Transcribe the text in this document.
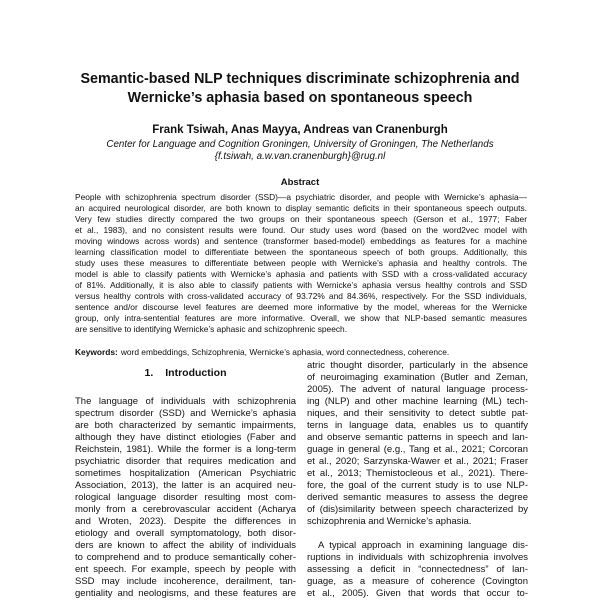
Semantic-based NLP techniques discriminate schizophrenia and
Wernicke’s aphasia based on spontaneous speech
Frank Tsiwah, Anas Mayya, Andreas van Cranenburgh
Center for Language and Cognition Groningen, University of Groningen, The Netherlands
{f.tsiwah, a.w.van.cranenburgh}@rug.nl
Abstract
People with schizophrenia spectrum disorder (SSD)—a psychiatric disorder, and people with Wernicke’s aphasia—
an acquired neurological disorder, are both known to display semantic deficits in their spontaneous speech outputs.
Very few studies directly compared the two groups on their spontaneous speech (Gerson et al., 1977; Faber
et al., 1983), and no consistent results were found. Our study uses word (based on the word2vec model with
moving windows across words) and sentence (transformer based-model) embeddings as features for a machine
learning classification model to differentiate between the spontaneous speech of both groups. Additionally, this
study uses these measures to differentiate between people with Wernicke’s aphasia and healthy controls. The
model is able to classify patients with Wernicke’s aphasia and patients with SSD with a cross-validated accuracy
of 81%. Additionally, it is also able to classify patients with Wernicke’s aphasia versus healthy controls and SSD
versus healthy controls with cross-validated accuracy of 93.72% and 84.36%, respectively. For the SSD individuals,
sentence and/or discourse level features are deemed more informative by the model, whereas for the Wernicke
group, only intra-sentential features are more informative. Overall, we show that NLP-based semantic measures
are sensitive to identifying Wernicke’s aphasic and schizophrenic speech.
Keywords: word embeddings, Schizophrenia, Wernicke’s aphasia, word connectedness, coherence.
1. Introduction
The language of individuals with schizophrenia
spectrum disorder (SSD) and Wernicke’s aphasia
are both characterized by semantic impairments,
although they have distinct etiologies (Faber and
Reichstein, 1981). While the former is a long-term
psychiatric disorder that requires medication and
sometimes hospitalization (American Psychiatric
Association, 2013), the latter is an acquired neu-
rological language disorder resulting most com-
monly from a cerebrovascular accident (Acharya
and Wroten, 2023). Despite the differences in
etiology and overall symptomatology, both disor-
ders are known to affect the ability of individuals
to comprehend and to produce semantically coher-
ent speech. For example, speech by people with
SSD may include incoherence, derailment, tan-
gentiality and neologisms, and these features are
atric thought disorder, particularly in the absence
of neuroimaging examination (Butler and Zeman,
2005). The advent of natural language process-
ing (NLP) and other machine learning (ML) tech-
niques, and their sensitivity to detect subtle pat-
terns in language data, enables us to quantify
and observe semantic patterns in speech and lan-
guage in general (e.g., Tang et al., 2021; Corcoran
et al., 2020; Sarzynska-Wawer et al., 2021; Fraser
et al., 2013; Themistocleous et al., 2021). There-
fore, the goal of the current study is to use NLP-
derived semantic measures to assess the degree
of (dis)similarity between speech characterized by
schizophrenia and Wernicke’s aphasia.
A typical approach in examining language dis-
ruptions in individuals with schizophrenia involves
assessing a deficit in “connectedness” of lan-
guage, as a measure of coherence (Covington
et al., 2005). Given that words that occur to-
